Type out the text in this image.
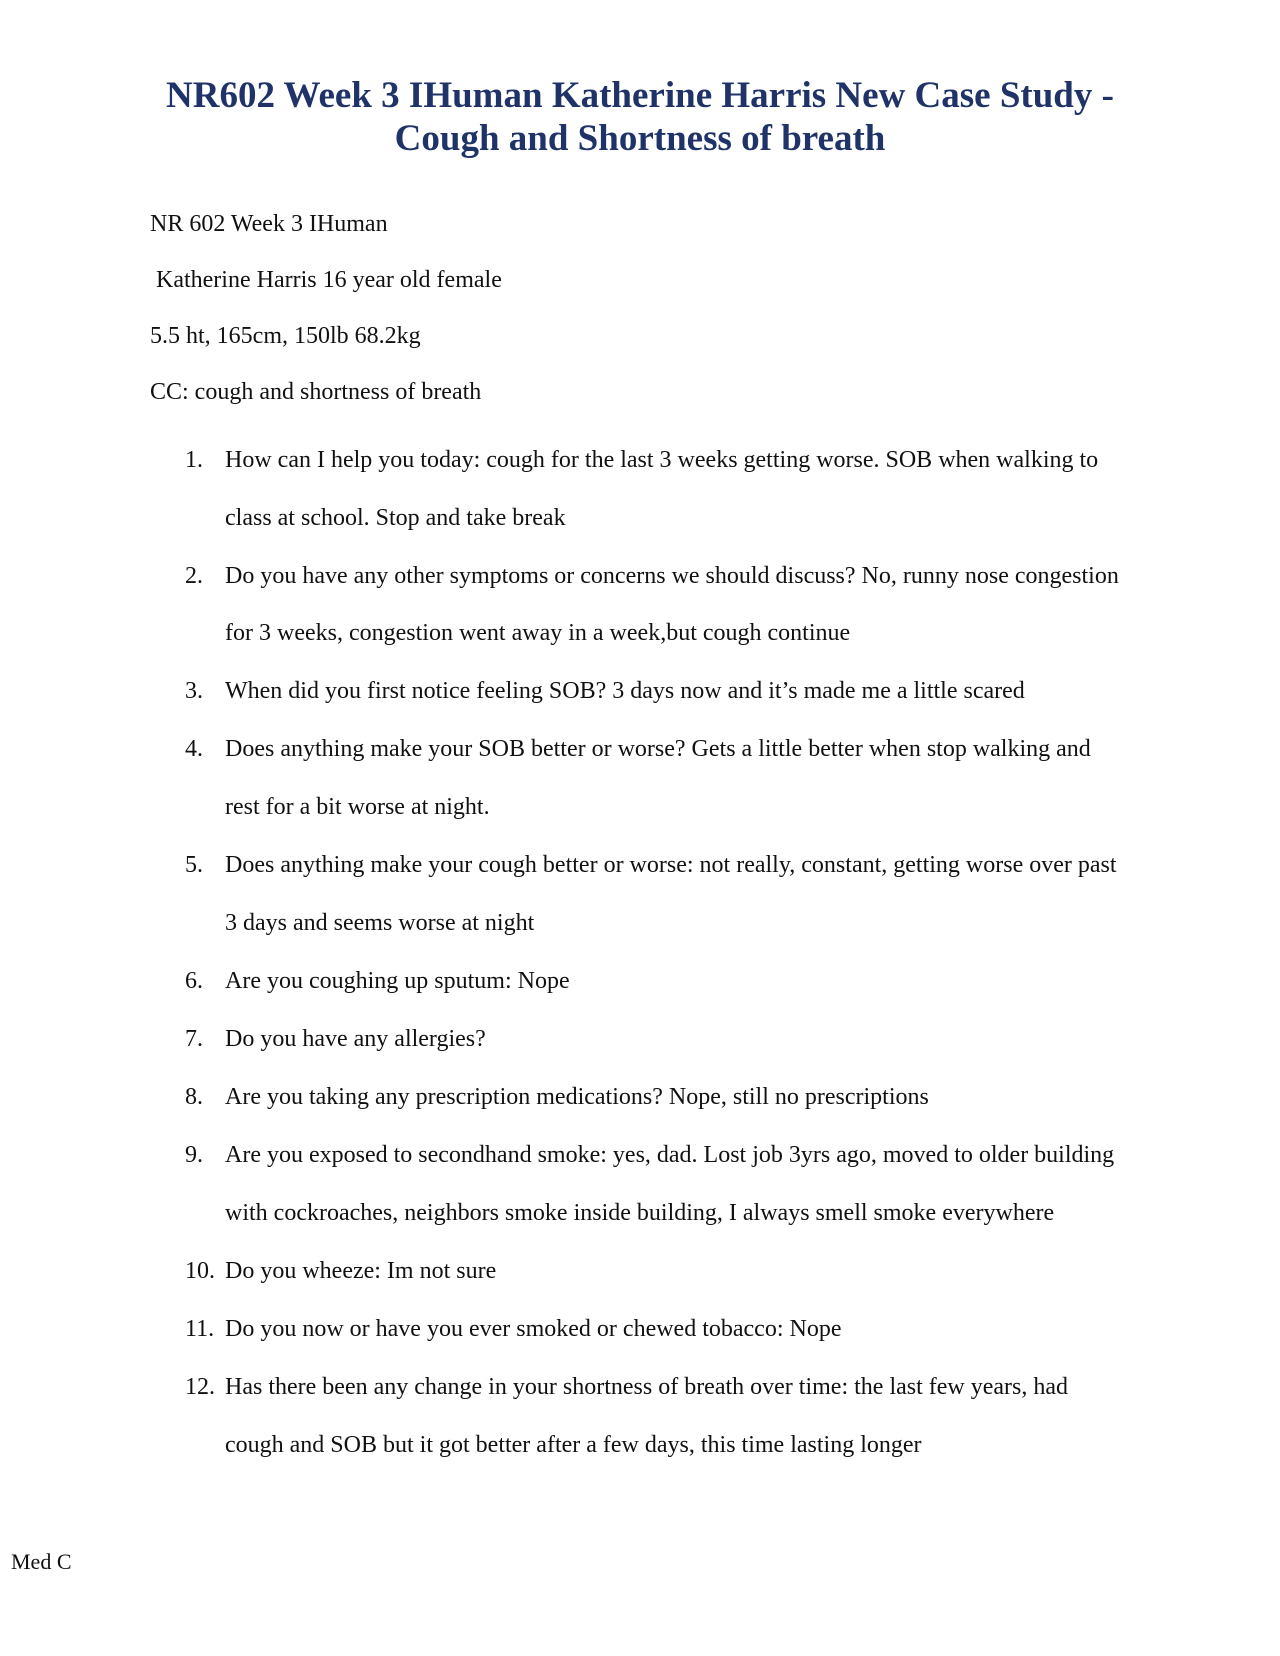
NR602 Week 3 IHuman Katherine Harris New Case Study -
Cough and Shortness of breath

NR 602 Week 3 IHuman

Katherine Harris 16 year old female

5.5 ht, 165cm, 150lb 68.2kg

CC: cough and shortness of breath

1. How can I help you today: cough for the last 3 weeks getting worse. SOB when walking to class at school. Stop and take break
2. Do you have any other symptoms or concerns we should discuss? No, runny nose congestion for 3 weeks, congestion went away in a week,but cough continue
3. When did you first notice feeling SOB? 3 days now and it’s made me a little scared
4. Does anything make your SOB better or worse? Gets a little better when stop walking and rest for a bit worse at night.
5. Does anything make your cough better or worse: not really, constant, getting worse over past 3 days and seems worse at night
6. Are you coughing up sputum: Nope
7. Do you have any allergies?
8. Are you taking any prescription medications? Nope, still no prescriptions
9. Are you exposed to secondhand smoke: yes, dad. Lost job 3yrs ago, moved to older building with cockroaches, neighbors smoke inside building, I always smell smoke everywhere
10. Do you wheeze: Im not sure
11. Do you now or have you ever smoked or chewed tobacco: Nope
12. Has there been any change in your shortness of breath over time: the last few years, had cough and SOB but it got better after a few days, this time lasting longer

Med C
